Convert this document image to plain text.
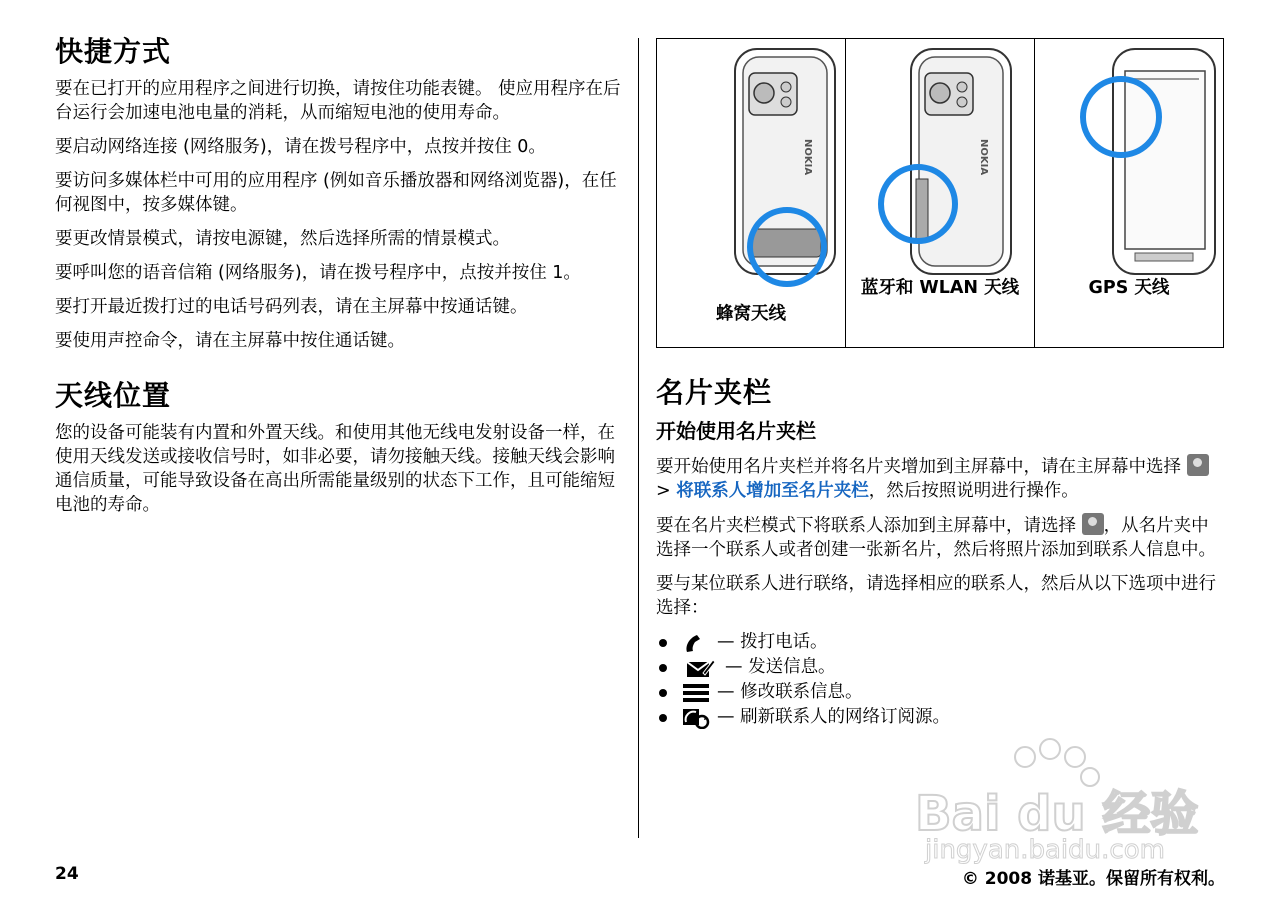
快捷方式

要在已打开的应用程序之间进行切换，请按住功能表键。 使应用程序在后台运行会加速电池电量的消耗，从而缩短电池的使用寿命。

要启动网络连接 (网络服务)，请在拨号程序中，点按并按住 0。

要访问多媒体栏中可用的应用程序 (例如音乐播放器和网络浏览器)，在任何视图中，按多媒体键。

要更改情景模式，请按电源键，然后选择所需的情景模式。

要呼叫您的语音信箱 (网络服务)，请在拨号程序中，点按并按住 1。

要打开最近拨打过的电话号码列表，请在主屏幕中按通话键。

要使用声控命令，请在主屏幕中按住通话键。

天线位置

您的设备可能装有内置和外置天线。和使用其他无线电发射设备一样，在使用天线发送或接收信号时，如非必要，请勿接触天线。接触天线会影响通信质量，可能导致设备在高出所需能量级别的状态下工作，且可能缩短电池的寿命。

NOKIA
蜂窝天线
NOKIA
蓝牙和 WLAN 天线	GPS 天线
名片夹栏
开始使用名片夹栏

要开始使用名片夹栏并将名片夹增加到主屏幕中，请在主屏幕中选择  > 将联系人增加至名片夹栏，然后按照说明进行操作。

要在名片夹栏模式下将联系人添加到主屏幕中，请选择 ，从名片夹中选择一个联系人或者创建一张新名片，然后将照片添加到联系人信息中。

要与某位联系人进行联络，请选择相应的联系人，然后从以下选项中进行选择：

— 拨打电话。
— 发送信息。
— 修改联系信息。
— 刷新联系人的网络订阅源。
Bai du 经验
jingyan.baidu.com
24	© 2008 诺基亚。保留所有权利。
